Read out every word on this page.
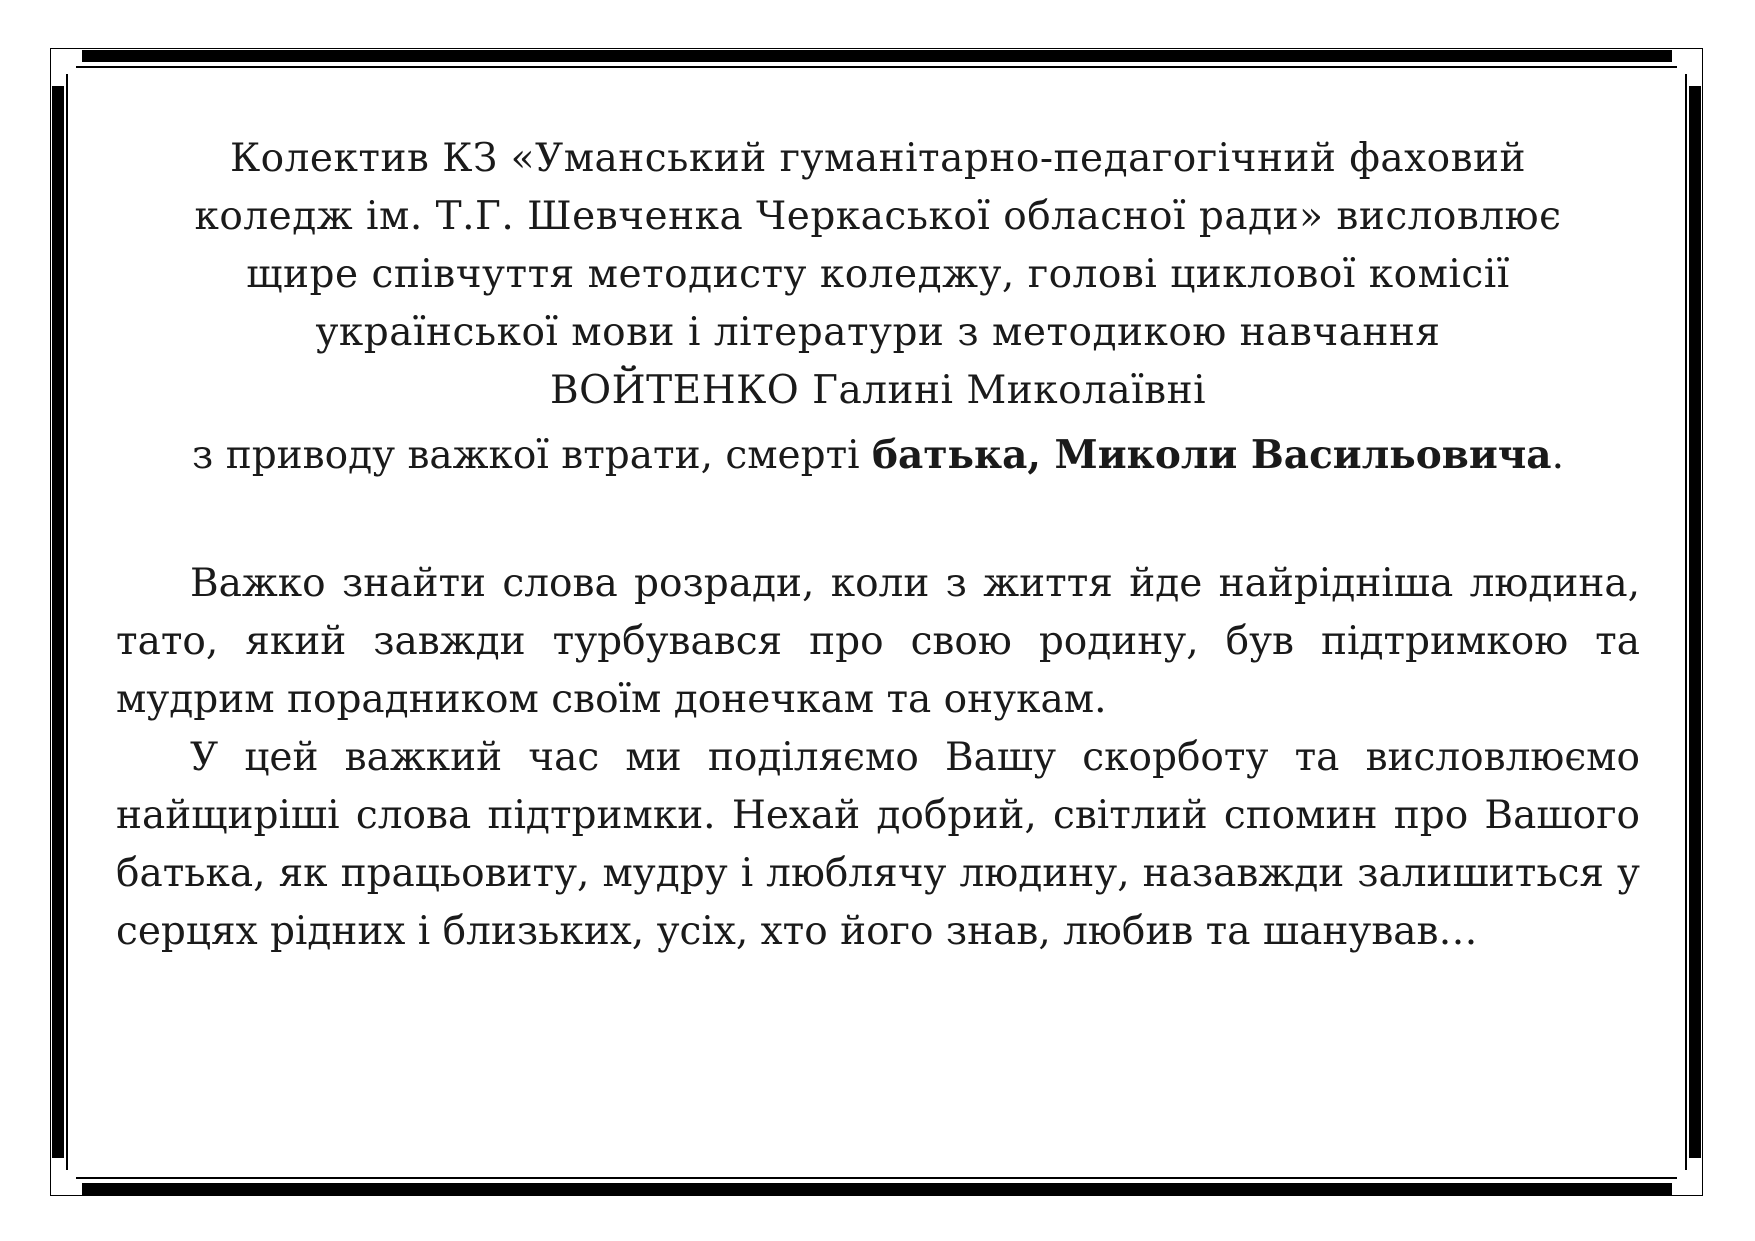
Колектив КЗ «Уманський гуманітарно-педагогічний фаховий
коледж ім. Т.Г. Шевченка Черкаської обласної ради» висловлює
щире співчуття методисту коледжу, голові циклової комісії
української мови і літератури з методикою навчання
ВОЙТЕНКО Галині Миколаївні
з приводу важкої втрати, смерті батька, Миколи Васильовича.

Важко знайти слова розради, коли з життя йде найрідніша людина, тато, який завжди турбувався про свою родину, був підтримкою та мудрим порадником своїм донечкам та онукам.

У цей важкий час ми поділяємо Вашу скорботу та висловлюємо найщиріші слова підтримки. Нехай добрий, світлий спомин про Вашого батька, як працьовиту, мудру і люблячу людину, назавжди залишиться у серцях рідних і близьких, усіх, хто його знав, любив та шанував…
